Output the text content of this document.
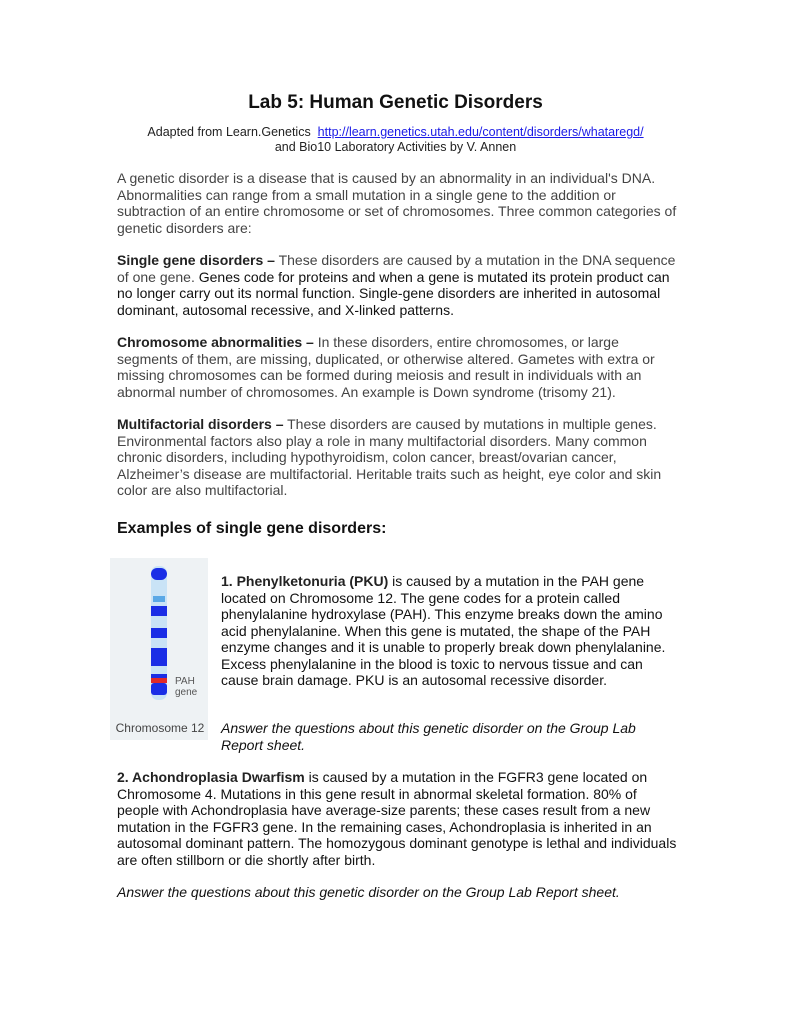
Lab 5: Human Genetic Disorders
Adapted from Learn.Genetics http://learn.genetics.utah.edu/content/disorders/whataregd/
and Bio10 Laboratory Activities by V. Annen

A genetic disorder is a disease that is caused by an abnormality in an individual's DNA. Abnormalities can range from a small mutation in a single gene to the addition or subtraction of an entire chromosome or set of chromosomes. Three common categories of genetic disorders are:

Single gene disorders – These disorders are caused by a mutation in the DNA sequence of one gene. Genes code for proteins and when a gene is mutated its protein product can no longer carry out its normal function. Single-gene disorders are inherited in autosomal dominant, autosomal recessive, and X-linked patterns.

Chromosome abnormalities – In these disorders, entire chromosomes, or large segments of them, are missing, duplicated, or otherwise altered. Gametes with extra or missing chromosomes can be formed during meiosis and result in individuals with an abnormal number of chromosomes. An example is Down syndrome (trisomy 21).

Multifactorial disorders – These disorders are caused by mutations in multiple genes. Environmental factors also play a role in many multifactorial disorders. Many common chronic disorders, including hypothyroidism, colon cancer, breast/ovarian cancer, Alzheimer’s disease are multifactorial. Heritable traits such as height, eye color and skin color are also multifactorial.

Examples of single gene disorders:
PAH
gene
Chromosome 12

1. Phenylketonuria (PKU) is caused by a mutation in the PAH gene located on Chromosome 12. The gene codes for a protein called phenylalanine hydroxylase (PAH). This enzyme breaks down the amino acid phenylalanine. When this gene is mutated, the shape of the PAH enzyme changes and it is unable to properly break down phenylalanine. Excess phenylalanine in the blood is toxic to nervous tissue and can cause brain damage. PKU is an autosomal recessive disorder.

Answer the questions about this genetic disorder on the Group Lab Report sheet.

2. Achondroplasia Dwarfism is caused by a mutation in the FGFR3 gene located on Chromosome 4. Mutations in this gene result in abnormal skeletal formation. 80% of people with Achondroplasia have average-size parents; these cases result from a new mutation in the FGFR3 gene. In the remaining cases, Achondroplasia is inherited in an autosomal dominant pattern. The homozygous dominant genotype is lethal and individuals are often stillborn or die shortly after birth.

Answer the questions about this genetic disorder on the Group Lab Report sheet.
